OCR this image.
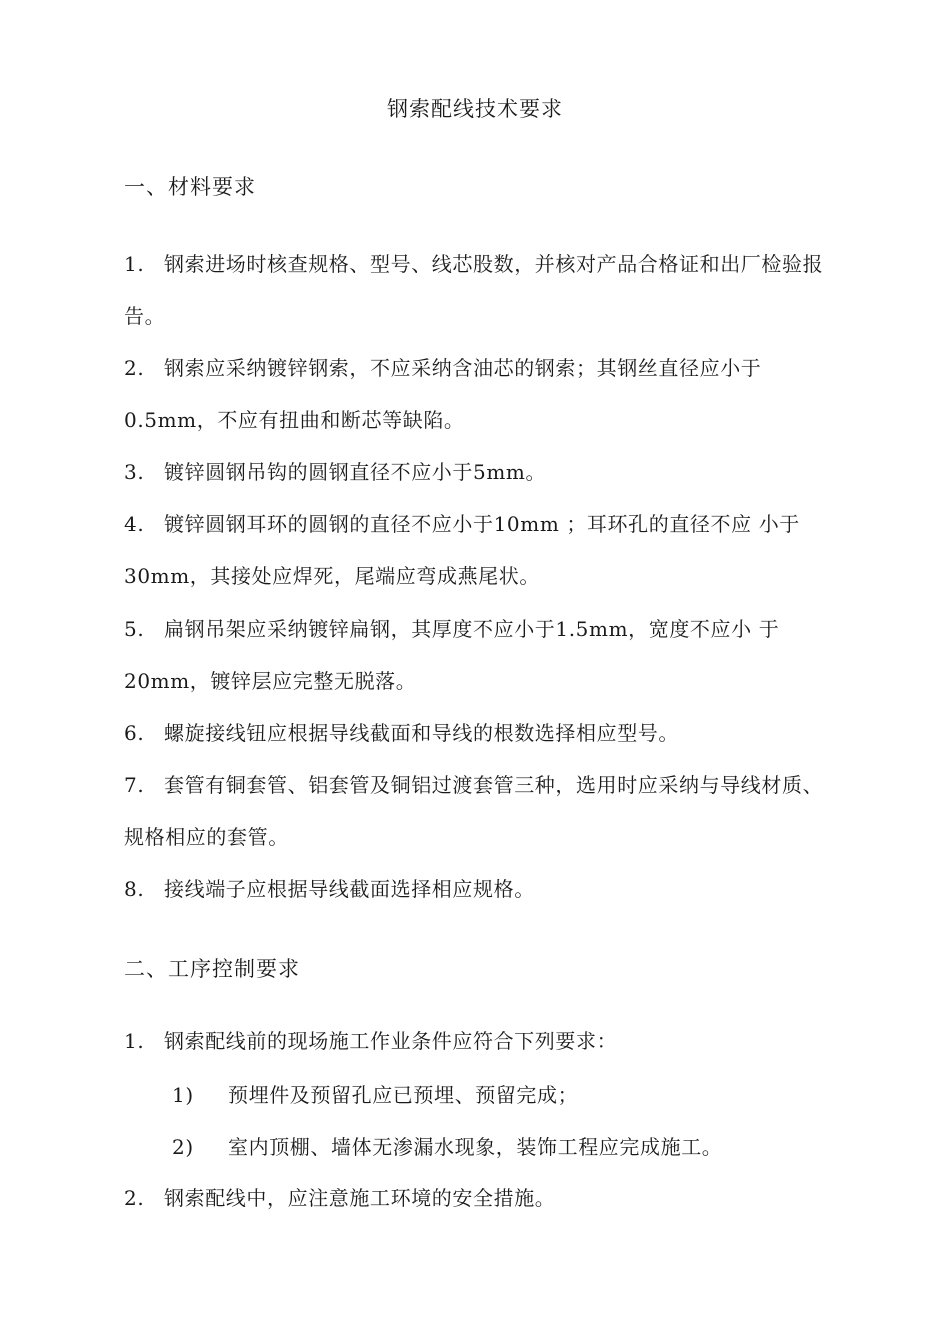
钢索配线技术要求
一、材料要求
1. 钢索进场时核查规格、型号、线芯股数，并核对产品合格证和出厂检验报告。
2. 钢索应采纳镀锌钢索，不应采纳含油芯的钢索；其钢丝直径应小于0.5mm，不应有扭曲和断芯等缺陷。
3. 镀锌圆钢吊钩的圆钢直径不应小于5mm。
4. 镀锌圆钢耳环的圆钢的直径不应小于10mm ；耳环孔的直径不应 小于30mm，其接处应焊死，尾端应弯成燕尾状。
5. 扁钢吊架应采纳镀锌扁钢，其厚度不应小于1.5mm，宽度不应小 于20mm，镀锌层应完整无脱落。
6. 螺旋接线钮应根据导线截面和导线的根数选择相应型号。
7. 套管有铜套管、铝套管及铜铝过渡套管三种，选用时应采纳与导线材质、规格相应的套管。
8. 接线端子应根据导线截面选择相应规格。
二、工序控制要求
1. 钢索配线前的现场施工作业条件应符合下列要求：
1) 预埋件及预留孔应已预埋、预留完成；
2) 室内顶棚、墙体无渗漏水现象，装饰工程应完成施工。
2. 钢索配线中，应注意施工环境的安全措施。
